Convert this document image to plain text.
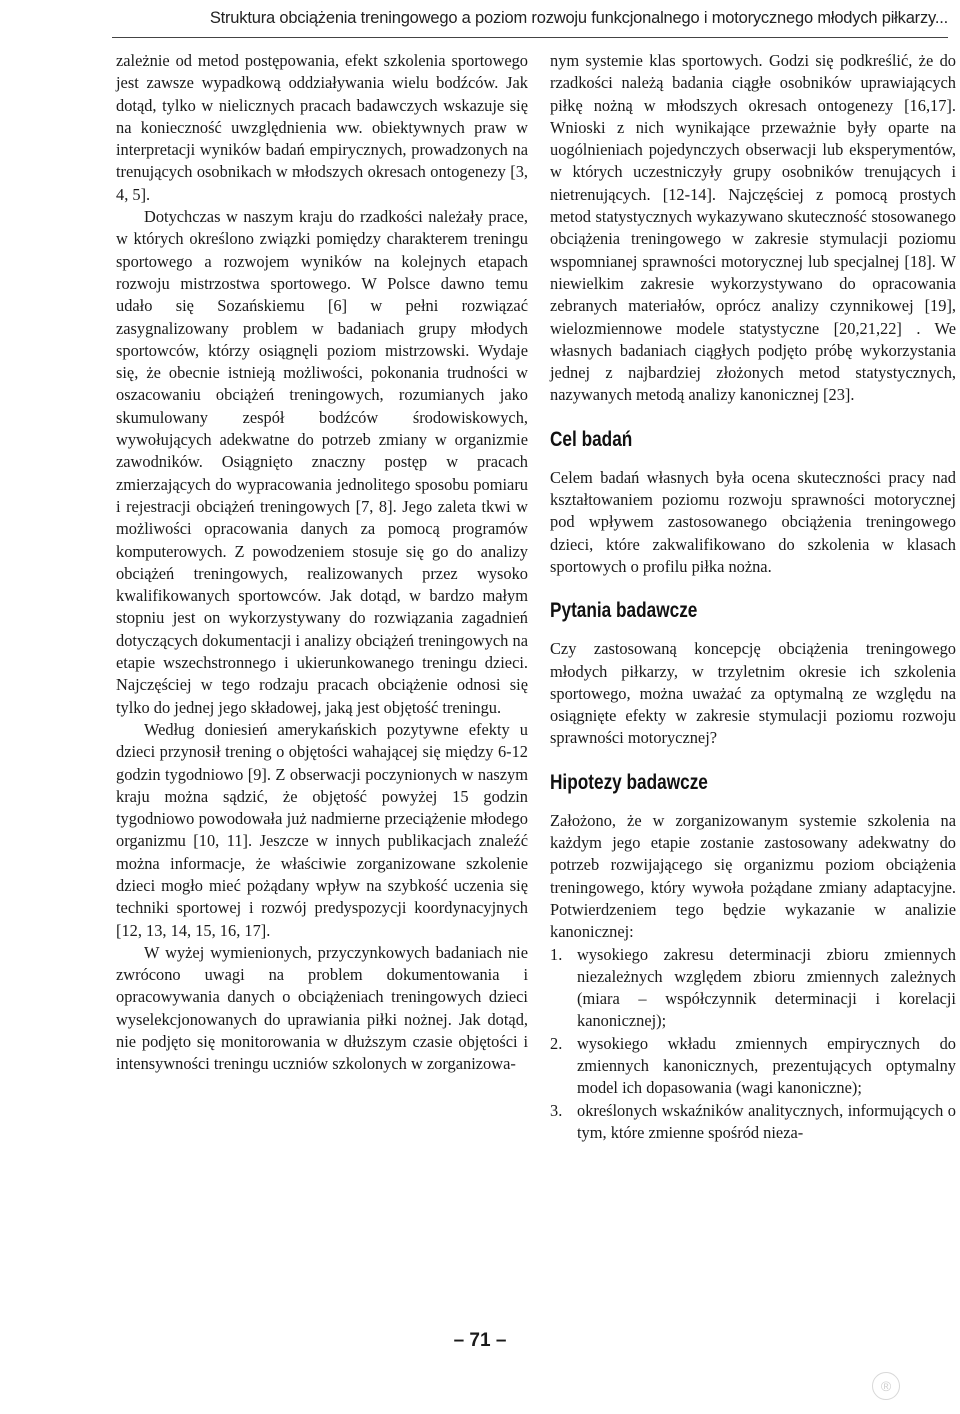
Struktura obciążenia treningowego a poziom rozwoju funkcjonalnego i motorycznego młodych piłkarzy...

zależnie od metod postępowania, efekt szkolenia sportowego jest zawsze wypadkową oddziaływania wielu bodźców. Jak dotąd, tylko w nielicznych pracach badawczych wskazuje się na konieczność uwzględnienia ww. obiektywnych praw w interpretacji wyników badań empirycznych, prowadzonych na trenujących osobnikach w młodszych okresach ontogenezy [3, 4, 5].

Dotychczas w naszym kraju do rzadkości należały prace, w których określono związki pomiędzy charakterem treningu sportowego a rozwojem wyników na kolejnych etapach rozwoju mistrzostwa sportowego. W Polsce dawno temu udało się Sozańskiemu [6] w pełni rozwiązać zasygnalizowany problem w badaniach grupy młodych sportowców, którzy osiągnęli poziom mistrzowski. Wydaje się, że obecnie istnieją możliwości, pokonania trudności w oszacowaniu obciążeń treningowych, rozumianych jako skumulowany zespół bodźców środowiskowych, wywołujących adekwatne do potrzeb zmiany w organizmie zawodników. Osiągnięto znaczny postęp w pracach zmierzających do wypracowania jednolitego sposobu pomiaru i rejestracji obciążeń treningowych [7, 8]. Jego zaleta tkwi w możliwości opracowania danych za pomocą programów komputerowych. Z powodzeniem stosuje się go do analizy obciążeń treningowych, realizowanych przez wysoko kwalifikowanych sportowców. Jak dotąd, w bardzo małym stopniu jest on wykorzystywany do rozwiązania zagadnień dotyczących dokumentacji i analizy obciążeń treningowych na etapie wszechstronnego i ukierunkowanego treningu dzieci. Najczęściej w tego rodzaju pracach obciążenie odnosi się tylko do jednej jego składowej, jaką jest objętość treningu.

Według doniesień amerykańskich pozytywne efekty u dzieci przynosił trening o objętości wahającej się między 6-12 godzin tygodniowo [9]. Z obserwacji poczynionych w naszym kraju można sądzić, że objętość powyżej 15 godzin tygodniowo powodowała już nadmierne przeciążenie młodego organizmu [10, 11]. Jeszcze w innych publikacjach znaleźć można informacje, że właściwie zorganizowane szkolenie dzieci mogło mieć pożądany wpływ na szybkość uczenia się techniki sportowej i rozwój predyspozycji koordynacyjnych [12, 13, 14, 15, 16, 17].

W wyżej wymienionych, przyczynkowych badaniach nie zwrócono uwagi na problem dokumentowania i opracowywania danych o obciążeniach treningowych dzieci wyselekcjonowanych do uprawiania piłki nożnej. Jak dotąd, nie podjęto się monitorowania w dłuższym czasie objętości i intensywności treningu uczniów szkolonych w zorganizowa-

nym systemie klas sportowych. Godzi się podkreślić, że do rzadkości należą badania ciągłe osobników uprawiających piłkę nożną w młodszych okresach ontogenezy [16,17]. Wnioski z nich wynikające przeważnie były oparte na uogólnieniach pojedynczych obserwacji lub eksperymentów, w których uczestniczyły grupy osobników trenujących i nietrenujących. [12-14]. Najczęściej z pomocą prostych metod statystycznych wykazywano skuteczność stosowanego obciążenia treningowego w zakresie stymulacji poziomu wspomnianej sprawności motorycznej lub specjalnej [18]. W niewielkim zakresie wykorzystywano do opracowania zebranych materiałów, oprócz analizy czynnikowej [19], wielozmiennowe modele statystyczne [20,21,22] . We własnych badaniach ciągłych podjęto próbę wykorzystania jednej z najbardziej złożonych metod statystycznych, nazywanych metodą analizy kanonicznej [23].

Cel badań

Celem badań własnych była ocena skuteczności pracy nad kształtowaniem poziomu rozwoju sprawności motorycznej pod wpływem zastosowanego obciążenia treningowego dzieci, które zakwalifikowano do szkolenia w klasach sportowych o profilu piłka nożna.

Pytania badawcze

Czy zastosowaną koncepcję obciążenia treningowego młodych piłkarzy, w trzyletnim okresie ich szkolenia sportowego, można uważać za optymalną ze względu na osiągnięte efekty w zakresie stymulacji poziomu rozwoju sprawności motorycznej?

Hipotezy badawcze

Założono, że w zorganizowanym systemie szkolenia na każdym jego etapie zostanie zastosowany adekwatny do potrzeb rozwijającego się organizmu poziom obciążenia treningowego, który wywoła pożądane zmiany adaptacyjne. Potwierdzeniem tego będzie wykazanie w analizie kanonicznej:

1. wysokiego zakresu determinacji zbioru zmiennych niezależnych względem zbioru zmiennych zależnych (miara – współczynnik determinacji i korelacji kanonicznej);
2. wysokiego wkładu zmiennych empirycznych do zmiennych kanonicznych, prezentujących optymalny model ich dopasowania (wagi kanoniczne);
3. określonych wskaźników analitycznych, informujących o tym, które zmienne spośród nieza-
– 71 –
®
